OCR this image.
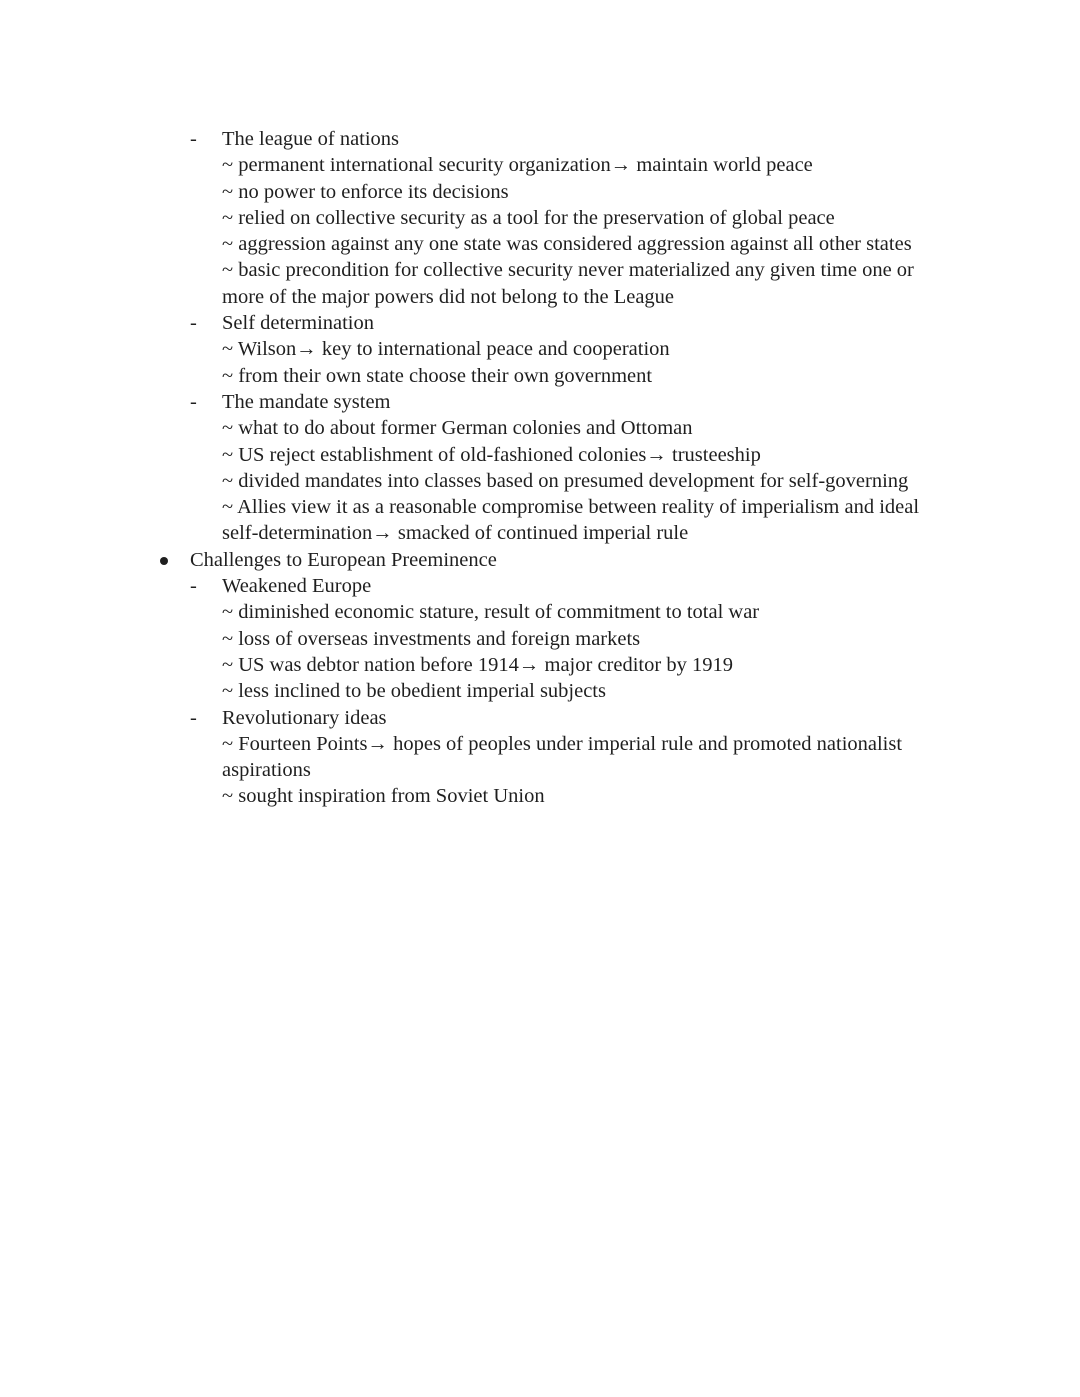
- The league of nations
~ permanent international security organization→ maintain world peace
~ no power to enforce its decisions
~ relied on collective security as a tool for the preservation of global peace
~ aggression against any one state was considered aggression against all other states
~ basic precondition for collective security never materialized any given time one or
more of the major powers did not belong to the League
- Self determination
~ Wilson→ key to international peace and cooperation
~ from their own state choose their own government
- The mandate system
~ what to do about former German colonies and Ottoman
~ US reject establishment of old-fashioned colonies→ trusteeship
~ divided mandates into classes based on presumed development for self-governing
~ Allies view it as a reasonable compromise between reality of imperialism and ideal
self-determination→ smacked of continued imperial rule
Challenges to European Preeminence
- Weakened Europe
~ diminished economic stature, result of commitment to total war
~ loss of overseas investments and foreign markets
~ US was debtor nation before 1914→ major creditor by 1919
~ less inclined to be obedient imperial subjects
- Revolutionary ideas
~ Fourteen Points→ hopes of peoples under imperial rule and promoted nationalist
aspirations
~ sought inspiration from Soviet Union
